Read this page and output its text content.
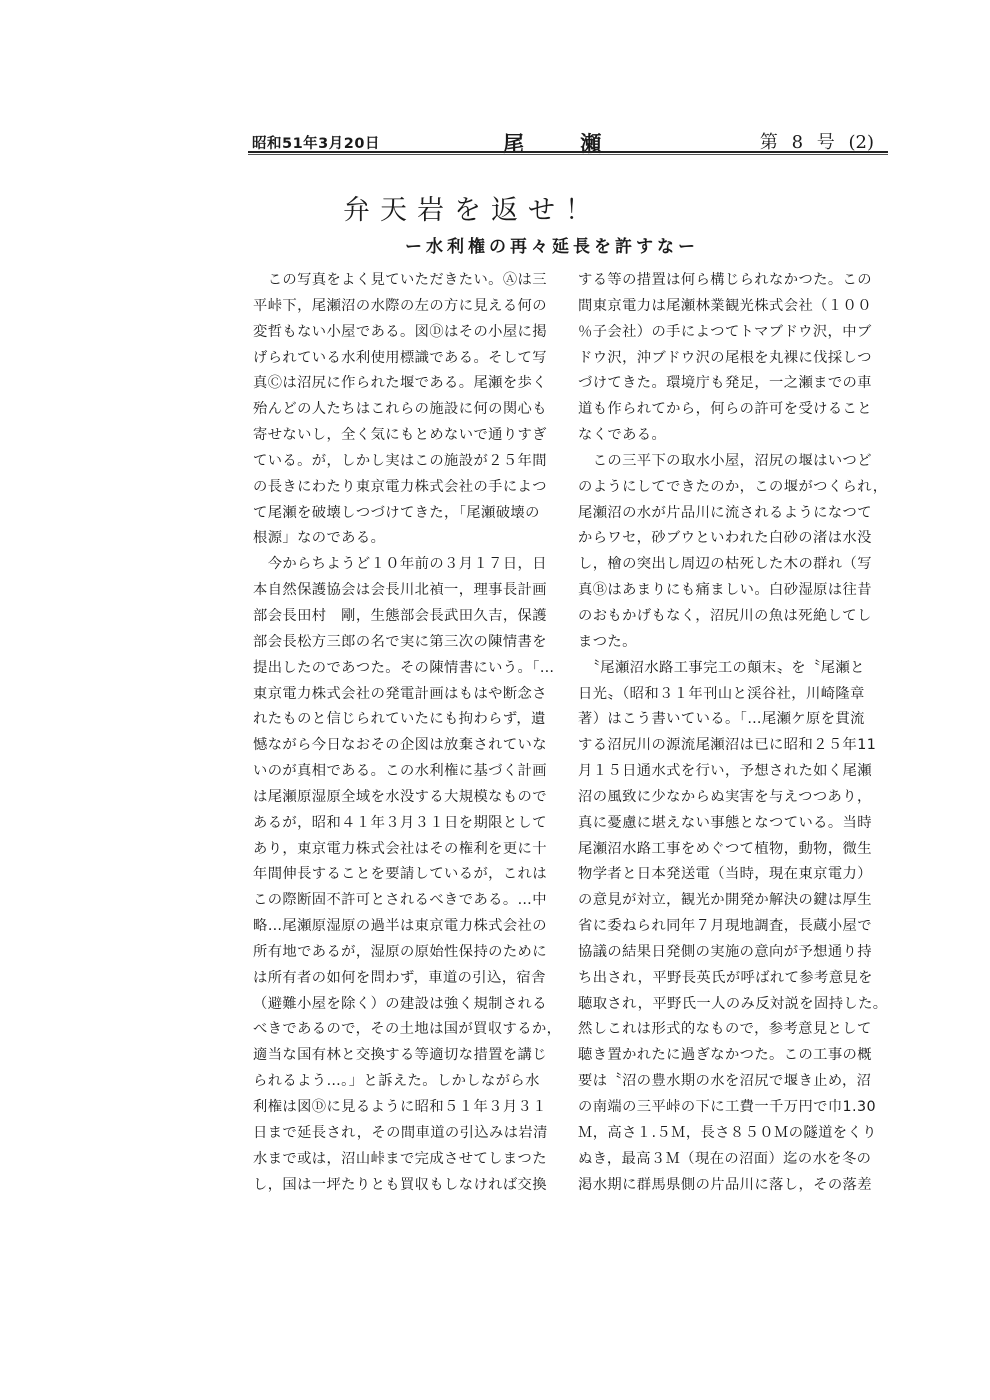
昭和51年3月20日	尾 瀬	第 8 号 (2)
弁天岩を返せ！
ー水利権の再々延長を許すなー
　この写真をよく見ていただきたい。Ⓐは三
平峠下，尾瀬沼の水際の左の方に見える何の
変哲もない小屋である。図Ⓓはその小屋に掲
げられている水利使用標識である。そして写
真Ⓒは沼尻に作られた堰である。尾瀬を歩く
殆んどの人たちはこれらの施設に何の関心も
寄せないし，全く気にもとめないで通りすぎ
ている。が，しかし実はこの施設が２５年間
の長きにわたり東京電力株式会社の手によつ
て尾瀬を破壊しつづけてきた，「尾瀬破壊の
根源」なのである。
　今からちようど１０年前の３月１７日，日
本自然保護協会は会長川北禎一，理事長計画
部会長田村　剛，生態部会長武田久吉，保護
部会長松方三郎の名で実に第三次の陳情書を
提出したのであつた。その陳情書にいう。「…
東京電力株式会社の発電計画はもはや断念さ
れたものと信じられていたにも拘わらず，遺
憾ながら今日なおその企図は放棄されていな
いのが真相である。この水利権に基づく計画
は尾瀬原湿原全域を水没する大規模なもので
あるが，昭和４１年３月３１日を期限として
あり，東京電力株式会社はその権利を更に十
年間伸長することを要請しているが，これは
この際断固不許可とされるべきである。…中
略…尾瀬原湿原の過半は東京電力株式会社の
所有地であるが，湿原の原始性保持のために
は所有者の如何を問わず，車道の引込，宿舎
（避難小屋を除く）の建設は強く規制される
べきであるので，その土地は国が買収するか，
適当な国有林と交換する等適切な措置を講じ
られるよう…。」と訴えた。しかしながら水
利権は図Ⓓに見るように昭和５１年３月３１
日まで延長され，その間車道の引込みは岩清
水まで或は，沼山峠まで完成させてしまつた
し，国は一坪たりとも買収もしなければ交換
する等の措置は何ら構じられなかつた。この
間東京電力は尾瀬林業観光株式会社（１００
％子会社）の手によつてトマブドウ沢，中ブ
ドウ沢，沖ブドウ沢の尾根を丸裸に伐採しつ
づけてきた。環境庁も発足，一之瀬までの車
道も作られてから，何らの許可を受けること
なくである。
　この三平下の取水小屋，沼尻の堰はいつど
のようにしてできたのか，この堰がつくられ，
尾瀬沼の水が片品川に流されるようになつて
からワセ，砂ブウといわれた白砂の渚は水没
し，檜の突出し周辺の枯死した木の群れ（写
真Ⓑはあまりにも痛ましい。白砂湿原は往昔
のおもかげもなく，沼尻川の魚は死絶してし
まつた。
　〝尾瀬沼水路工事完工の顛末〟を〝尾瀬と
日光〟（昭和３１年刊山と渓谷社，川崎隆章
著）はこう書いている。「…尾瀬ケ原を貫流
する沼尻川の源流尾瀬沼は已に昭和２５年11
月１５日通水式を行い，予想された如く尾瀬
沼の風致に少なからぬ実害を与えつつあり，
真に憂慮に堪えない事態となつている。当時
尾瀬沼水路工事をめぐつて植物，動物，微生
物学者と日本発送電（当時，現在東京電力）
の意見が対立，観光か開発か解決の鍵は厚生
省に委ねられ同年７月現地調査，長蔵小屋で
協議の結果日発側の実施の意向が予想通り持
ち出され，平野長英氏が呼ばれて参考意見を
聴取され，平野氏一人のみ反対説を固持した。
然しこれは形式的なもので，参考意見として
聴き置かれたに過ぎなかつた。この工事の概
要は〝沼の豊水期の水を沼尻で堰き止め，沼
の南端の三平峠の下に工費一千万円で巾1.30
Ｍ，高さ１.５Ｍ，長さ８５０Ｍの隧道をくり
ぬき，最高３Ｍ（現在の沼面）迄の水を冬の
渇水期に群馬県側の片品川に落し，その落差
